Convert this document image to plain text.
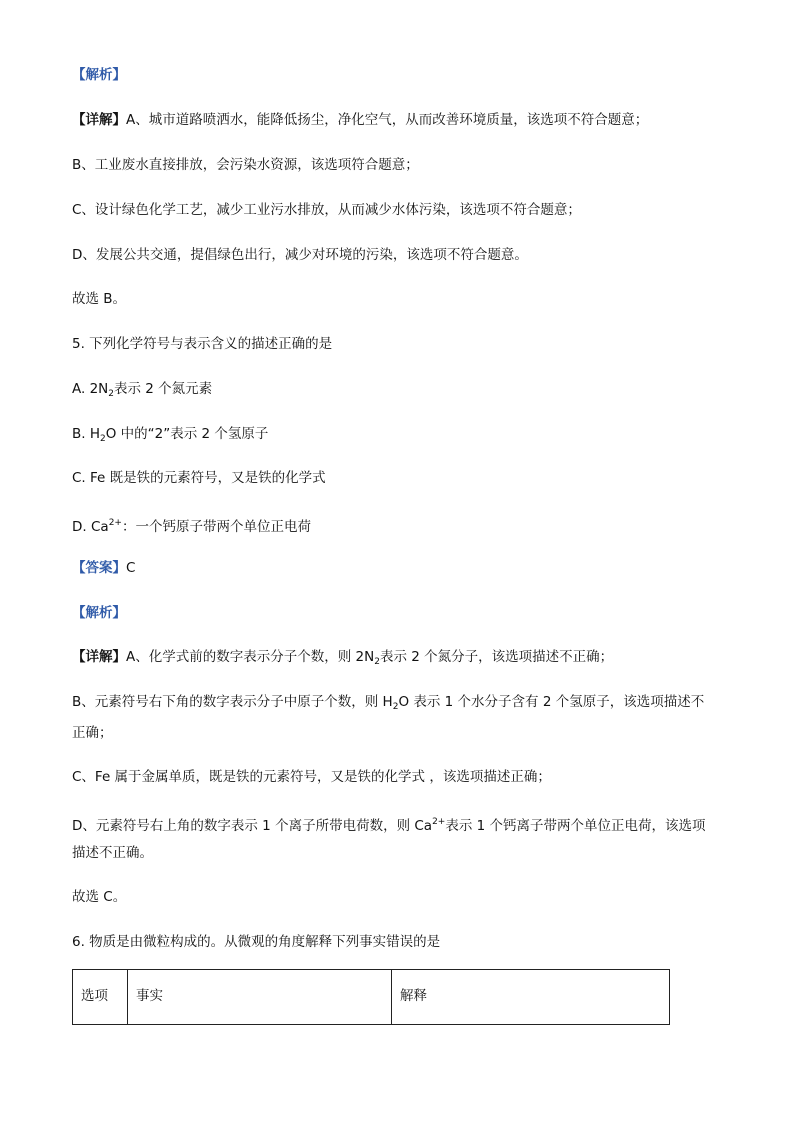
【解析】
【详解】A、城市道路喷洒水，能降低扬尘，净化空气，从而改善环境质量，该选项不符合题意；
B、工业废水直接排放，会污染水资源，该选项符合题意；
C、设计绿色化学工艺，减少工业污水排放，从而减少水体污染，该选项不符合题意；
D、发展公共交通，提倡绿色出行，减少对环境的污染，该选项不符合题意。
故选 B。
5. 下列化学符号与表示含义的描述正确的是
A. $2N_2$表示 2 个氮元素
B. $H_2O$ 中的“2”表示 2 个氢原子
C. Fe 既是铁的元素符号，又是铁的化学式
D. $Ca^{2+}$：一个钙原子带两个单位正电荷
【答案】C
【解析】
【详解】A、化学式前的数字表示分子个数，则 $2N_2$表示 2 个氮分子，该选项描述不正确；
B、元素符号右下角的数字表示分子中原子个数，则 $H_2O$ 表示 1 个水分子含有 2 个氢原子，该选项描述不
正确；
C、Fe 属于金属单质，既是铁的元素符号，又是铁的化学式 ，该选项描述正确；
D、元素符号右上角的数字表示 1 个离子所带电荷数，则 $Ca^{2+}$表示 1 个钙离子带两个单位正电荷，该选项
描述不正确。
故选 C。
6. 物质是由微粒构成的。从微观的角度解释下列事实错误的是
选项	事实	解释
